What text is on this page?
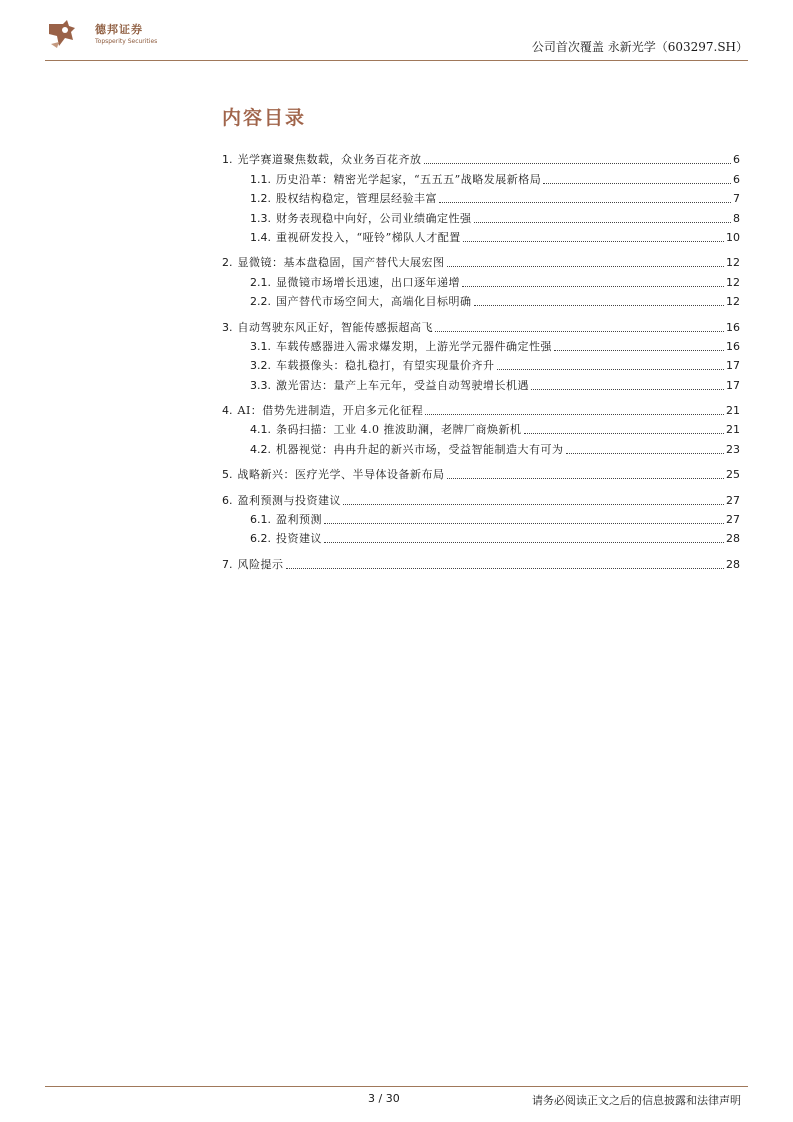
德邦证券
Topsperity Securities	公司首次覆盖 永新光学（603297.SH）
内容目录
1. 光学赛道聚焦数载，众业务百花齐放	6
1.1. 历史沿革：精密光学起家，“五五五”战略发展新格局	6
1.2. 股权结构稳定，管理层经验丰富	7
1.3. 财务表现稳中向好，公司业绩确定性强	8
1.4. 重视研发投入，“哑铃”梯队人才配置	10
2. 显微镜：基本盘稳固，国产替代大展宏图	12
2.1. 显微镜市场增长迅速，出口逐年递增	12
2.2. 国产替代市场空间大，高端化目标明确	12
3. 自动驾驶东风正好，智能传感振超高飞	16
3.1. 车载传感器进入需求爆发期，上游光学元器件确定性强	16
3.2. 车载摄像头：稳扎稳打，有望实现量价齐升	17
3.3. 激光雷达：量产上车元年，受益自动驾驶增长机遇	17
4. AI：借势先进制造，开启多元化征程	21
4.1. 条码扫描：工业 4.0 推波助澜，老牌厂商焕新机	21
4.2. 机器视觉：冉冉升起的新兴市场，受益智能制造大有可为	23
5. 战略新兴：医疗光学、半导体设备新布局	25
6. 盈利预测与投资建议	27
6.1. 盈利预测	27
6.2. 投资建议	28
7. 风险提示	28
3 / 30	请务必阅读正文之后的信息披露和法律声明
